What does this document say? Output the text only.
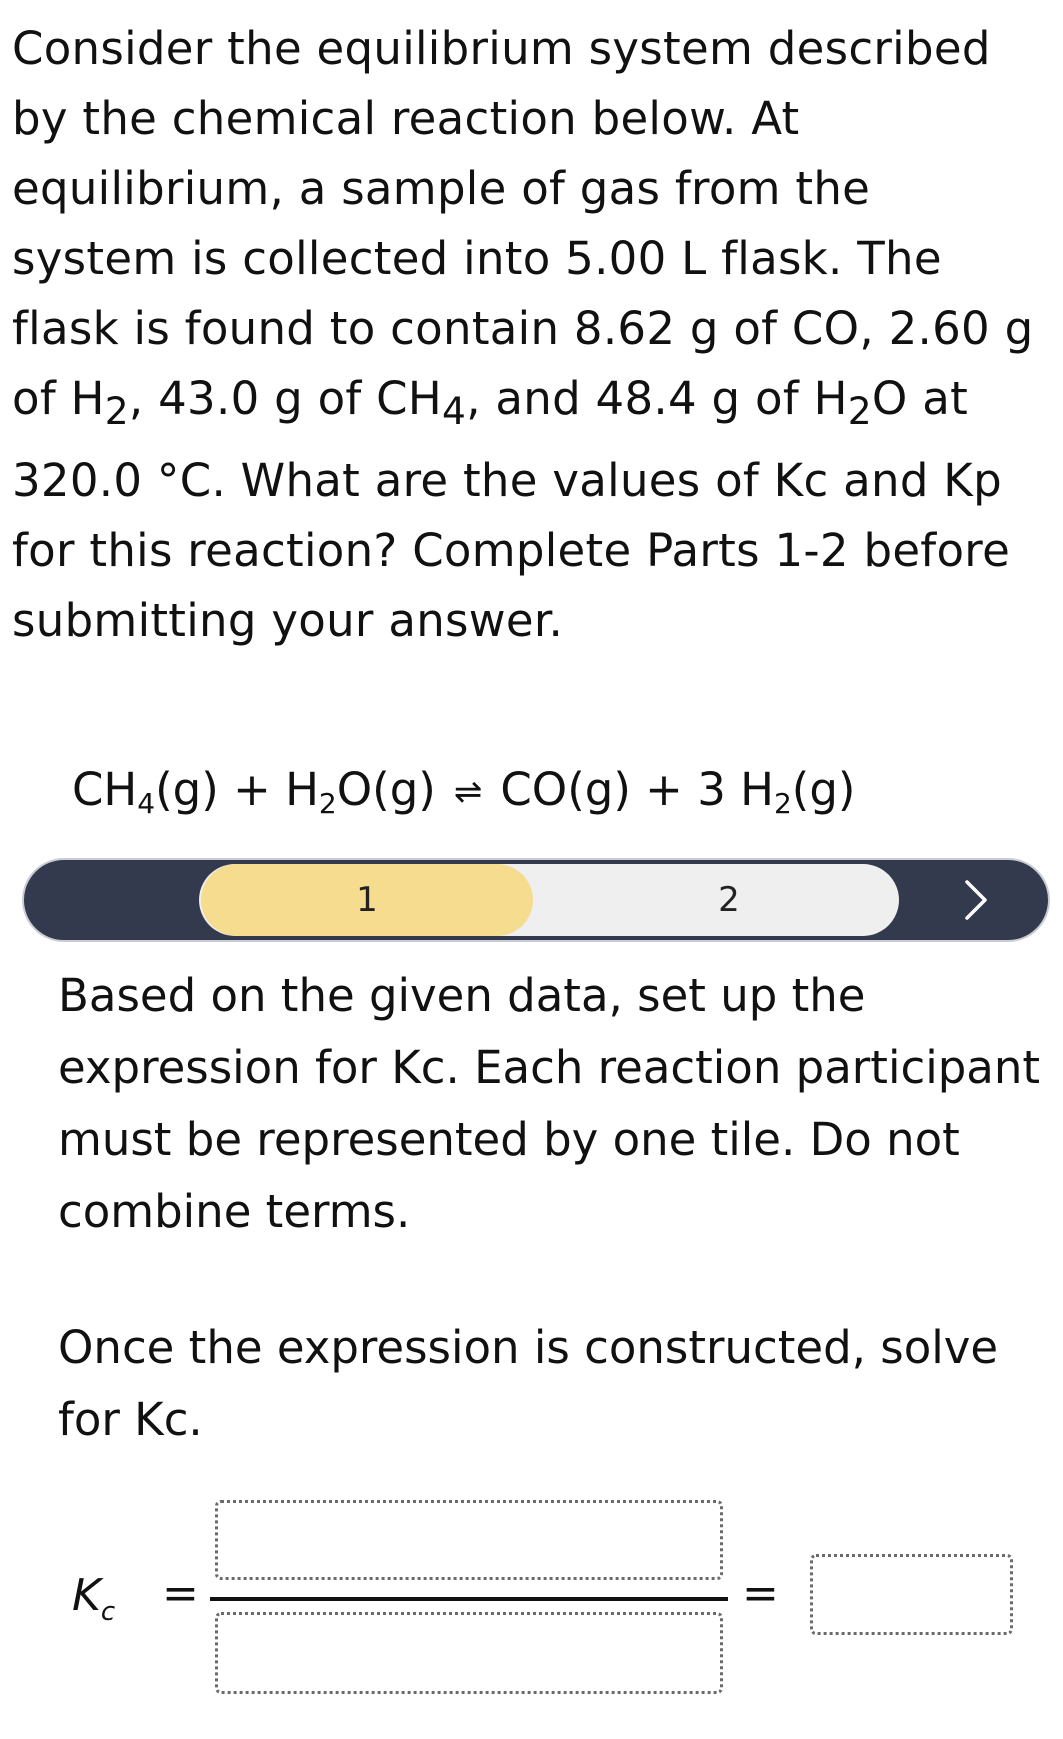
Consider the equilibrium system described by the chemical reaction below. At equilibrium, a sample of gas from the system is collected into 5.00 L flask. The flask is found to contain 8.62 g of CO, 2.60 g of $H_2$, 43.0 g of $CH_4$, and 48.4 g of $H_2O$ at 320.0 °C. What are the values of Kc and Kp for this reaction? Complete Parts 1-2 before submitting your answer.
$CH_4(g) + H_2O(g)$ ⇌ CO(g) + 3 $H_2(g)$
1	2
Based on the given data, set up the expression for Kc. Each reaction participant must be represented by one tile. Do not combine terms.
Once the expression is constructed, solve for Kc.
$K_c$ =	=
